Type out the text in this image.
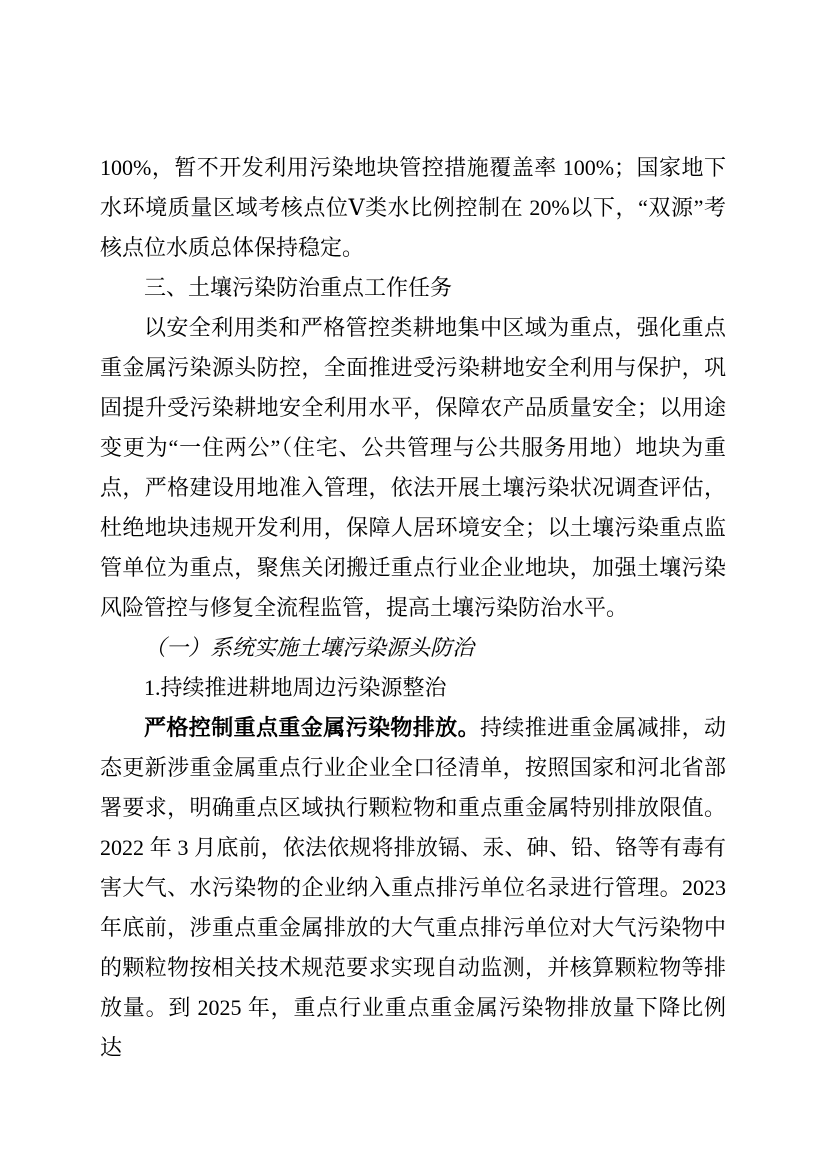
100%，暂不开发利用污染地块管控措施覆盖率 100%；国家地下水环境质量区域考核点位Ⅴ类水比例控制在 20%以下，“双源”考核点位水质总体保持稳定。

三、土壤污染防治重点工作任务

以安全利用类和严格管控类耕地集中区域为重点，强化重点重金属污染源头防控，全面推进受污染耕地安全利用与保护，巩固提升受污染耕地安全利用水平，保障农产品质量安全；以用途变更为“一住两公”（住宅、公共管理与公共服务用地）地块为重点，严格建设用地准入管理，依法开展土壤污染状况调查评估，杜绝地块违规开发利用，保障人居环境安全；以土壤污染重点监管单位为重点，聚焦关闭搬迁重点行业企业地块，加强土壤污染风险管控与修复全流程监管，提高土壤污染防治水平。

（一）系统实施土壤污染源头防治
1.持续推进耕地周边污染源整治

严格控制重点重金属污染物排放。持续推进重金属减排，动态更新涉重金属重点行业企业全口径清单，按照国家和河北省部署要求，明确重点区域执行颗粒物和重点重金属特别排放限值。2022 年 3 月底前，依法依规将排放镉、汞、砷、铅、铬等有毒有害大气、水污染物的企业纳入重点排污单位名录进行管理。2023 年底前，涉重点重金属排放的大气重点排污单位对大气污染物中的颗粒物按相关技术规范要求实现自动监测，并核算颗粒物等排放量。到 2025 年，重点行业重点重金属污染物排放量下降比例达
